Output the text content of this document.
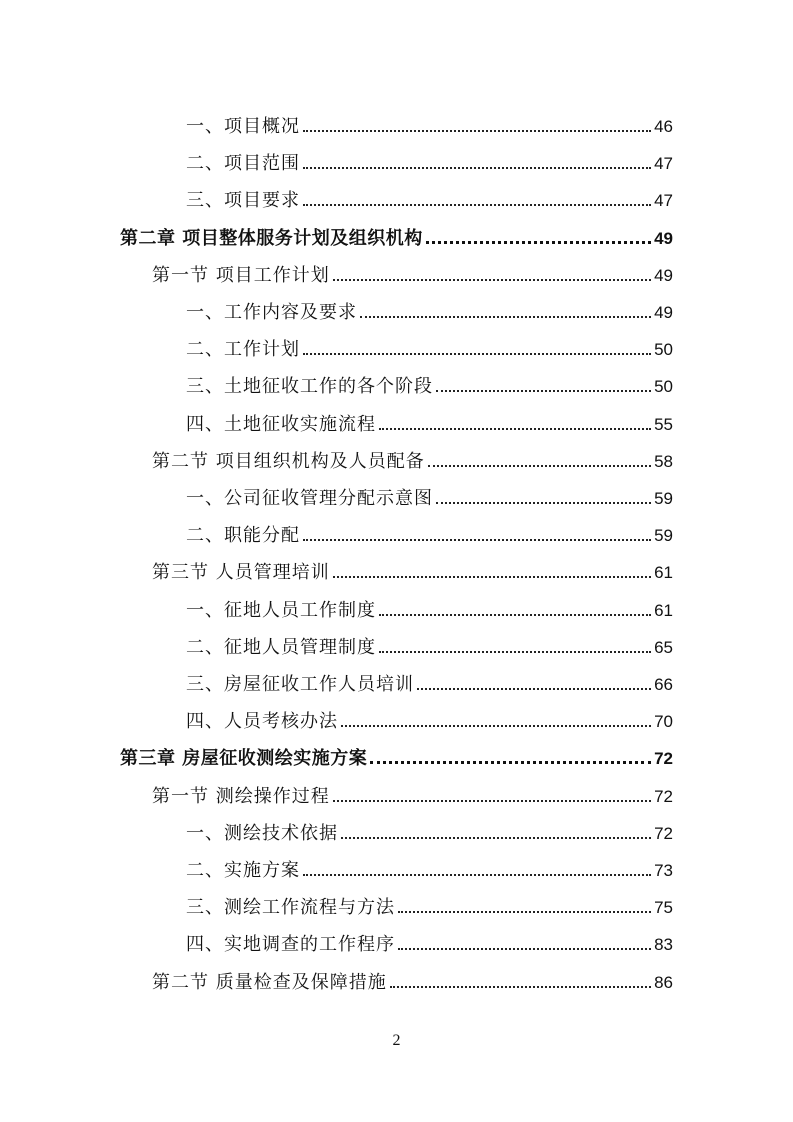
一、项目概况	46
二、项目范围	47
三、项目要求	47
第二章 项目整体服务计划及组织机构	49
第一节 项目工作计划	49
一、工作内容及要求	49
二、工作计划	50
三、土地征收工作的各个阶段	50
四、土地征收实施流程	55
第二节 项目组织机构及人员配备	58
一、公司征收管理分配示意图	59
二、职能分配	59
第三节 人员管理培训	61
一、征地人员工作制度	61
二、征地人员管理制度	65
三、房屋征收工作人员培训	66
四、人员考核办法	70
第三章 房屋征收测绘实施方案	72
第一节 测绘操作过程	72
一、测绘技术依据	72
二、实施方案	73
三、测绘工作流程与方法	75
四、实地调查的工作程序	83
第二节 质量检查及保障措施	86
2
